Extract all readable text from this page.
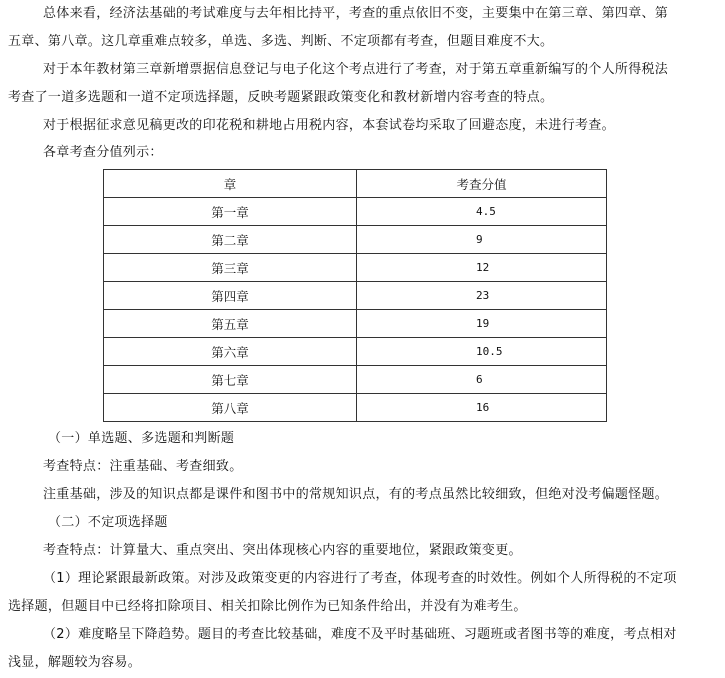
总体来看，经济法基础的考试难度与去年相比持平，考查的重点依旧不变，主要集中在第三章、第四章、第
五章、第八章。这几章重难点较多，单选、多选、判断、不定项都有考查，但题目难度不大。
对于本年教材第三章新增票据信息登记与电子化这个考点进行了考查，对于第五章重新编写的个人所得税法
考查了一道多选题和一道不定项选择题，反映考题紧跟政策变化和教材新增内容考查的特点。
对于根据征求意见稿更改的印花税和耕地占用税内容，本套试卷均采取了回避态度，未进行考查。
各章考查分值列示：
章	考查分值
第一章	4.5
第二章	9
第三章	12
第四章	23
第五章	19
第六章	10.5
第七章	6
第八章	16
（一）单选题、多选题和判断题
考查特点：注重基础、考查细致。
注重基础，涉及的知识点都是课件和图书中的常规知识点，有的考点虽然比较细致，但绝对没考偏题怪题。
（二）不定项选择题
考查特点：计算量大、重点突出、突出体现核心内容的重要地位，紧跟政策变更。
（1）理论紧跟最新政策。对涉及政策变更的内容进行了考查，体现考查的时效性。例如个人所得税的不定项
选择题，但题目中已经将扣除项目、相关扣除比例作为已知条件给出，并没有为难考生。
（2）难度略呈下降趋势。题目的考查比较基础，难度不及平时基础班、习题班或者图书等的难度，考点相对
浅显，解题较为容易。
